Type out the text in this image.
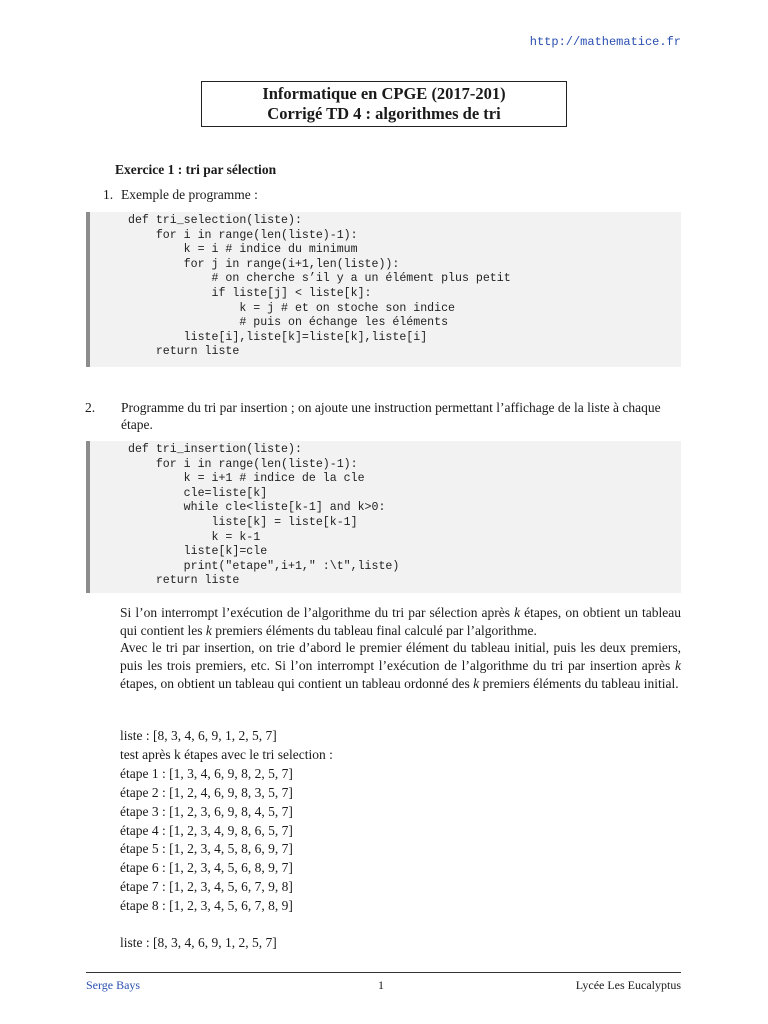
http://mathematice.fr
Informatique en CPGE (2017-201)
Corrigé TD 4 : algorithmes de tri
Exercice 1 : tri par sélection
1. Exemple de programme :
def tri_selection(liste):
for i in range(len(liste)-1):
k = i # indice du minimum
for j in range(i+1,len(liste)):
# on cherche s’il y a un élément plus petit
if liste[j] < liste[k]:
k = j # et on stoche son indice
# puis on échange les éléments
liste[i],liste[k]=liste[k],liste[i]
return liste
2. Programme du tri par insertion ; on ajoute une instruction permettant l’affichage de la liste à chaque étape.
def tri_insertion(liste):
for i in range(len(liste)-1):
k = i+1 # indice de la cle
cle=liste[k]
while cle<liste[k-1] and k>0:
liste[k] = liste[k-1]
k = k-1
liste[k]=cle
print("etape",i+1," :\t",liste)
return liste

Si l’on interrompt l’exécution de l’algorithme du tri par sélection après k étapes, on obtient un tableau qui contient les k premiers éléments du tableau final calculé par l’algorithme.

Avec le tri par insertion, on trie d’abord le premier élément du tableau initial, puis les deux premiers, puis les trois premiers, etc. Si l’on interrompt l’exécution de l’algorithme du tri par insertion après k étapes, on obtient un tableau qui contient un tableau ordonné des k premiers éléments du tableau initial.

liste : [8, 3, 4, 6, 9, 1, 2, 5, 7]
test après k étapes avec le tri selection :
étape 1 : [1, 3, 4, 6, 9, 8, 2, 5, 7]
étape 2 : [1, 2, 4, 6, 9, 8, 3, 5, 7]
étape 3 : [1, 2, 3, 6, 9, 8, 4, 5, 7]
étape 4 : [1, 2, 3, 4, 9, 8, 6, 5, 7]
étape 5 : [1, 2, 3, 4, 5, 8, 6, 9, 7]
étape 6 : [1, 2, 3, 4, 5, 6, 8, 9, 7]
étape 7 : [1, 2, 3, 4, 5, 6, 7, 9, 8]
étape 8 : [1, 2, 3, 4, 5, 6, 7, 8, 9]
liste : [8, 3, 4, 6, 9, 1, 2, 5, 7]
Serge Bays	1	Lycée Les Eucalyptus
